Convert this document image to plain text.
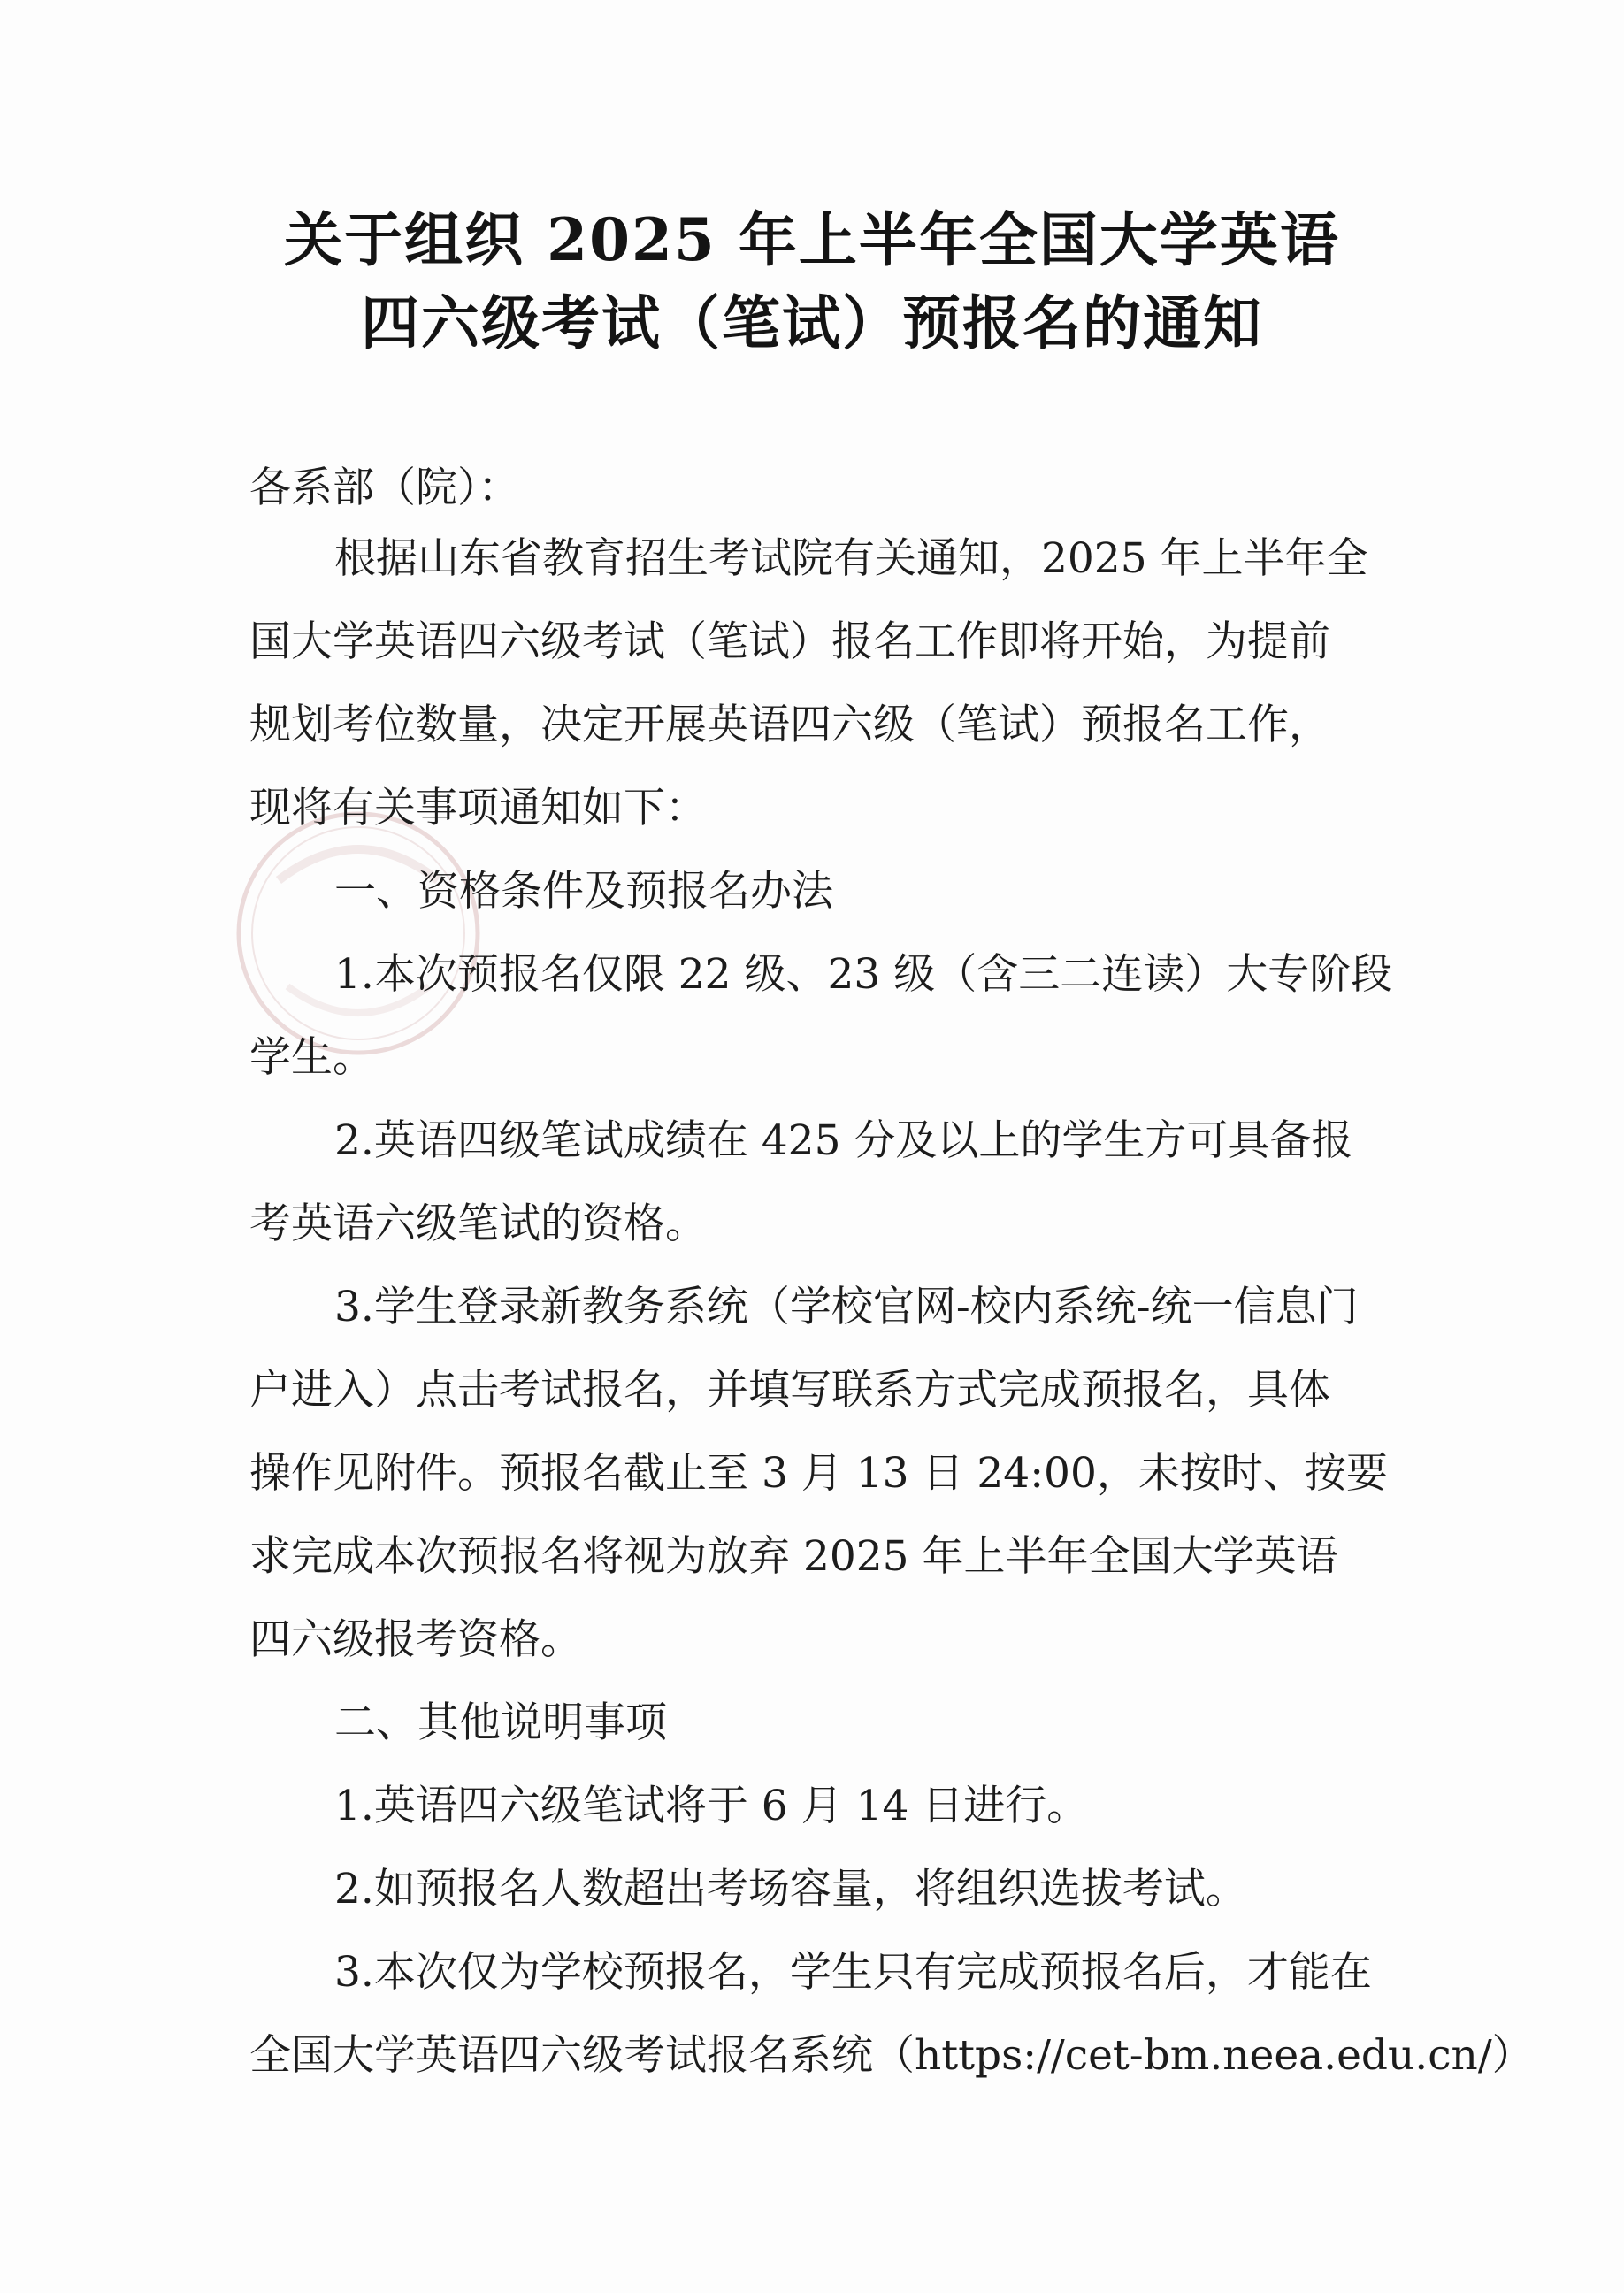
关于组织 2025 年上半年全国大学英语
四六级考试（笔试）预报名的通知
各系部（院）：
根据山东省教育招生考试院有关通知，2025 年上半年全
国大学英语四六级考试（笔试）报名工作即将开始，为提前
规划考位数量，决定开展英语四六级（笔试）预报名工作，
现将有关事项通知如下：
一、资格条件及预报名办法
1.本次预报名仅限 22 级、23 级（含三二连读）大专阶段
学生。
2.英语四级笔试成绩在 425 分及以上的学生方可具备报
考英语六级笔试的资格。
3.学生登录新教务系统（学校官网-校内系统-统一信息门
户进入）点击考试报名，并填写联系方式完成预报名，具体
操作见附件。预报名截止至 3 月 13 日 24:00，未按时、按要
求完成本次预报名将视为放弃 2025 年上半年全国大学英语
四六级报考资格。
二、其他说明事项
1.英语四六级笔试将于 6 月 14 日进行。
2.如预报名人数超出考场容量，将组织选拔考试。
3.本次仅为学校预报名，学生只有完成预报名后，才能在
全国大学英语四六级考试报名系统（https://cet-bm.neea.edu.cn/）
